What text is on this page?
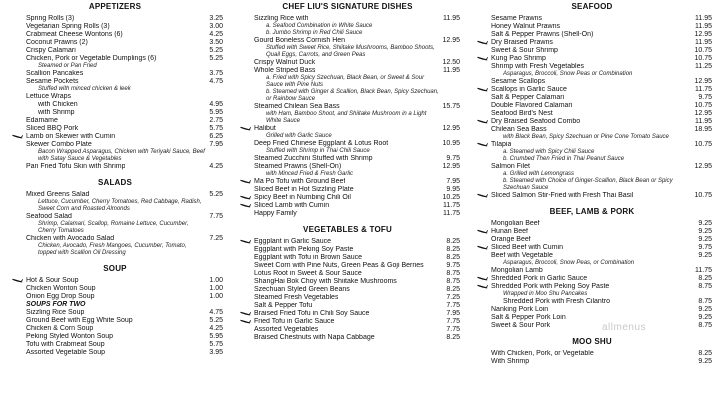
APPETIZERS
Spring Rolls (3)	3.25
Vegetarian Spring Rolls (3)	3.00
Crabmeat Cheese Wontons (6)	4.25
Coconut Prawns (2)	3.50
Crispy Calamari	5.25
Chicken, Pork or Vegetable Dumplings (6)	5.25
Steamed or Pan Fried
Scallion Pancakes	3.75
Sesame Pockets	4.75
Stuffed with minced chicken & leek
Lettuce Wraps
with Chicken	4.95
with Shrimp	5.95
Edamame	2.75
Sliced BBQ Pork	5.75
Lamb on Skewer with Cumin	6.25
Skewer Combo Plate	7.95
Bacon Wrapped Asparagus, Chicken with Teriyaki Sauce, Beef with Satay Sauce & Vegetables
Pan Fried Tofu Skin with Shrimp	4.25
SALADS
Mixed Greens Salad	5.25
Lettuce, Cucumber, Cherry Tomatoes, Red Cabbage, Radish, Sweet Corn and Roasted Almonds
Seafood Salad	7.75
Shrimp, Calamari, Scallop, Romaine Lettuce, Cucumber, Cherry Tomatoes
Chicken with Avocado Salad	7.25
Chicken, Avocado, Fresh Mangoes, Cucumber, Tomato, topped with Scallion Oil Dressing
SOUP
Hot & Sour Soup	1.00
Chicken Wonton Soup	1.00
Onion Egg Drop Soup	1.00
SOUPS FOR TWO
Sizzling Rice Soup	4.75
Ground Beef with Egg White Soup	5.25
Chicken & Corn Soup	4.25
Peking Styled Wonton Soup	5.95
Tofu with Crabmeat Soup	5.75
Assorted Vegetable Soup	3.95
CHEF LIU'S SIGNATURE DISHES
Sizzling Rice with	11.95
a. Seafood Combination in White Sauce
b. Jumbo Shrimp in Red Chili Sauce
Gourd Boneless Cornish Hen	12.95
Stuffed with Sweet Rice, Shiitake Mushrooms, Bamboo Shoots, Quail Eggs, Carrots, and Green Peas
Crispy Walnut Duck	12.50
Whole Striped Bass	11.95
a. Fried with Spicy Szechuan, Black Bean, or Sweet & Sour Sauce with Pine Nuts
b. Steamed with Ginger & Scallion, Black Bean, Spicy Szechuan, or Rainbow Sauce
Steamed Chilean Sea Bass	15.75
with Ham, Bamboo Shoot, and Shiitake Mushroom in a Light White Sauce
Halibut	12.95
Grilled with Garlic Sauce
Deep Fried Chinese Eggplant & Lotus Root	10.95
Stuffed with Shrimp in Thai Chili Sauce
Steamed Zucchini Stuffed with Shrimp	9.75
Steamed Prawns (Shell-On)	12.95
with Minced Fried & Fresh Garlic
Ma Po Tofu with Ground Beef	7.95
Sliced Beef in Hot Sizzling Plate	9.95
Spicy Beef in Numbing Chili Oil	10.25
Sliced Lamb with Cumin	11.75
Happy Family	11.75
VEGETABLES & TOFU
Eggplant in Garlic Sauce	8.25
Eggplant with Peking Soy Paste	8.25
Eggplant with Tofu in Brown Sauce	8.25
Sweet Corn with Pine Nuts, Green Peas & Goji Berries	9.75
Lotus Root in Sweet & Sour Sauce	8.75
ShangHai Bok Choy with Shiitake Mushrooms	8.75
Szechuan Styled Green Beans	8.25
Steamed Fresh Vegetables	7.25
Salt & Pepper Tofu	7.75
Braised Fried Tofu in Chili Soy Sauce	7.95
Fried Tofu in Garlic Sauce	7.75
Assorted Vegetables	7.75
Braised Chestnuts with Napa Cabbage	8.25
SEAFOOD
Sesame Prawns	11.95
Honey Walnut Prawns	11.95
Salt & Pepper Prawns (Shell-On)	12.95
Dry Braised Prawns	11.95
Sweet & Sour Shrimp	10.75
Kung Pao Shrimp	10.75
Shrimp with Fresh Vegetables	11.25
Asparagus, Broccoli, Snow Peas or Combination
Sesame Scallops	12.95
Scallops in Garlic Sauce	11.75
Salt & Pepper Calamari	9.75
Double Flavored Calamari	10.75
Seafood Bird's Nest	12.95
Dry Braised Seafood Combo	11.95
Chilean Sea Bass	18.95
with Black Bean, Spicy Szechuan or Pine Cone Tomato Sauce
Tilapia	10.75
a. Steamed with Spicy Chili Sauce
b. Crumbed Then Fried in Thai Peanut Sauce
Salmon Filet	12.95
a. Grilled with Lemongrass
b. Steamed with Choice of Ginger-Scallion, Black Bean or Spicy Szechuan Sauce
Sliced Salmon Stir-Fried with Fresh Thai Basil	10.75
BEEF, LAMB & PORK
Mongolian Beef	9.25
Hunan Beef	9.25
Orange Beef	9.25
Sliced Beef with Cumin	9.75
Beef with Vegetable	9.25
Asparagus, Broccoli, Snow Peas, or Combination
Mongolian Lamb	11.75
Shredded Pork in Garlic Sauce	8.25
Shredded Pork with Peking Soy Paste	8.75
Wrapped in Moo Shu Pancakes
Shredded Pork with Fresh Cilantro	8.75
Nanking Pork Loin	9.25
Salt & Pepper Pork Loin	9.25
Sweet & Sour Pork	8.75
MOO SHU
With Chicken, Pork, or Vegetable	8.25
With Shrimp	9.25
allmenus
